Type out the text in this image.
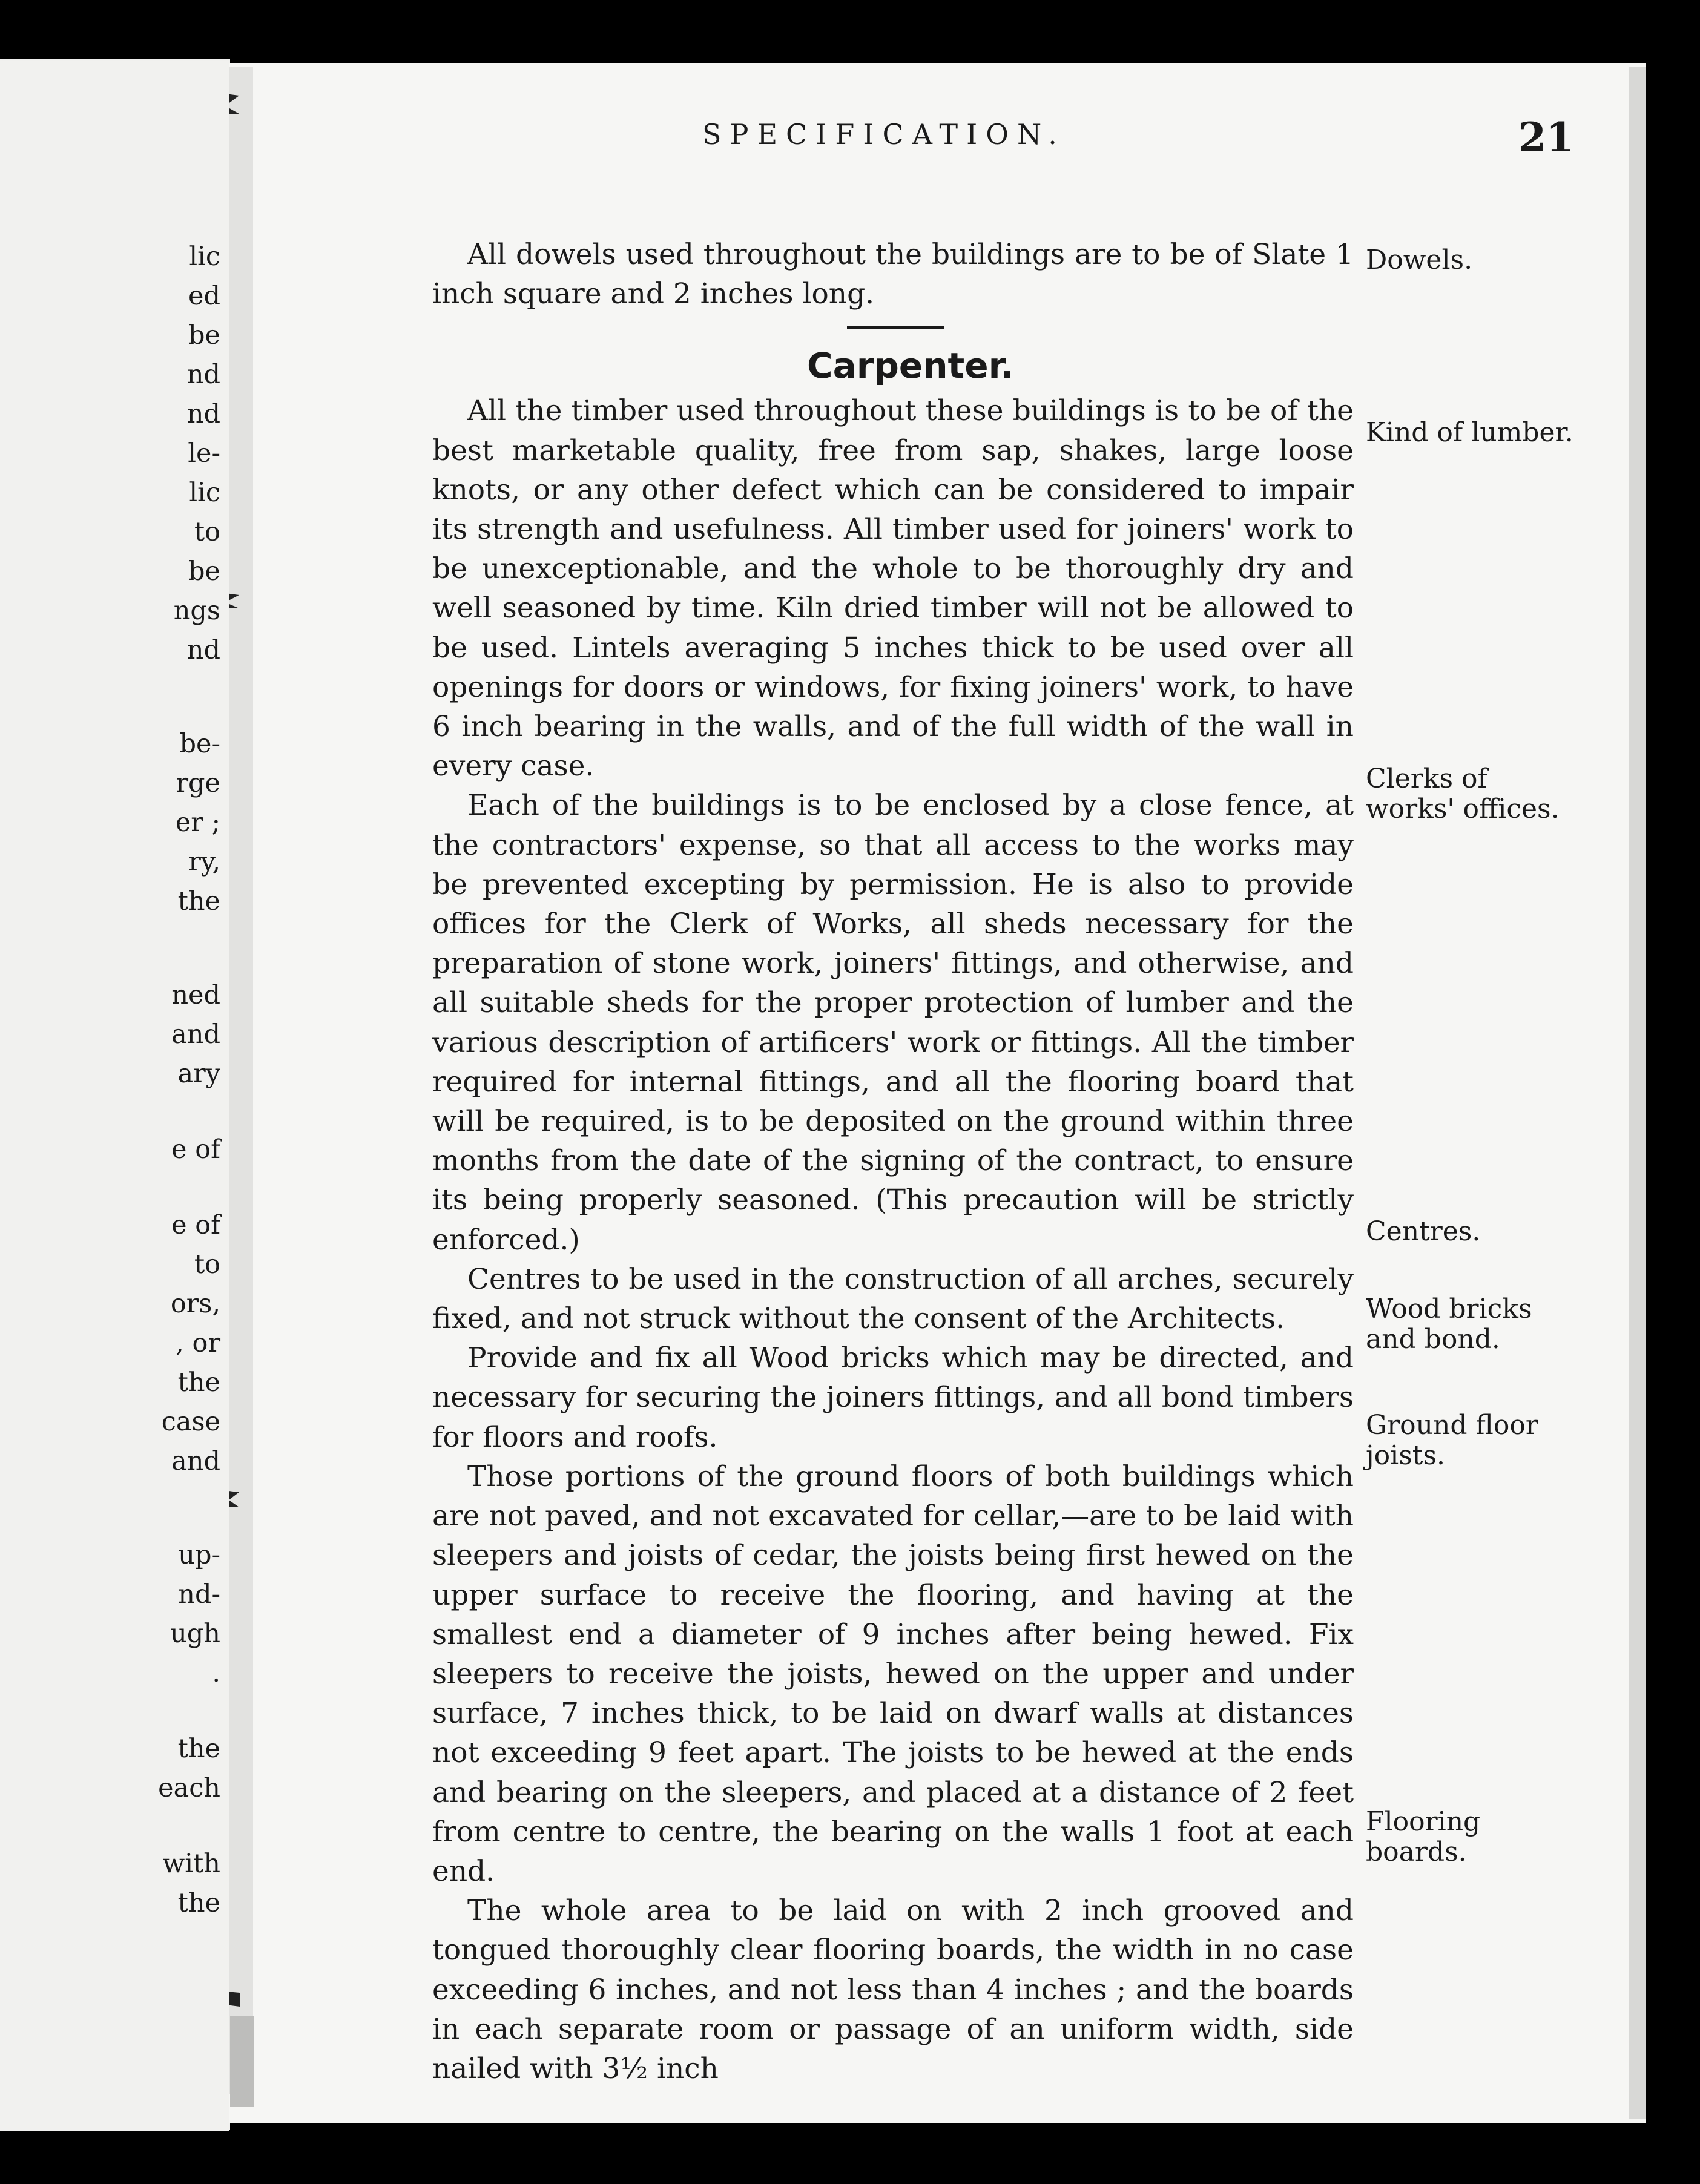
lic
ed
be
nd
nd
le-
lic
to
be
ngs
nd
be-
rge
er ;
ry,
the
ned
and
ary
e of
e of
to
ors,
, or
the
case
and
up-
nd-
ugh
.
the
each
with
the
SPECIFICATION.	21

All dowels used throughout the buildings are to be of Slate 1 inch square and 2 inches long.

Carpenter.

All the timber used throughout these buildings is to be of the best marketable quality, free from sap, shakes, large loose knots, or any other defect which can be considered to impair its strength and usefulness. All timber used for joiners' work to be unexceptionable, and the whole to be thoroughly dry and well seasoned by time. Kiln dried timber will not be allowed to be used. Lintels averaging 5 inches thick to be used over all openings for doors or windows, for fixing joiners' work, to have 6 inch bearing in the walls, and of the full width of the wall in every case.

Each of the buildings is to be enclosed by a close fence, at the contractors' expense, so that all access to the works may be prevented excepting by permission. He is also to provide offices for the Clerk of Works, all sheds necessary for the preparation of stone work, joiners' fittings, and otherwise, and all suitable sheds for the proper protection of lumber and the various description of artificers' work or fittings. All the timber required for internal fittings, and all the flooring board that will be required, is to be deposited on the ground within three months from the date of the signing of the contract, to ensure its being properly seasoned. (This precaution will be strictly enforced.)

Centres to be used in the construction of all arches, securely fixed, and not struck without the consent of the Architects.

Provide and fix all Wood bricks which may be directed, and necessary for securing the joiners fittings, and all bond timbers for floors and roofs.

Those portions of the ground floors of both buildings which are not paved, and not excavated for cellar,—are to be laid with sleepers and joists of cedar, the joists being first hewed on the upper surface to receive the flooring, and having at the smallest end a diameter of 9 inches after being hewed. Fix sleepers to receive the joists, hewed on the upper and under surface, 7 inches thick, to be laid on dwarf walls at distances not exceeding 9 feet apart. The joists to be hewed at the ends and bearing on the sleepers, and placed at a distance of 2 feet from centre to centre, the bearing on the walls 1 foot at each end.

The whole area to be laid on with 2 inch grooved and tongued thoroughly clear flooring boards, the width in no case exceeding 6 inches, and not less than 4 inches ; and the boards in each separate room or passage of an uniform width, side nailed with 3½ inch

Dowels.
Kind of lumber.
Clerks of works' offices.
Centres.
Wood bricks and bond.
Ground floor joists.
Flooring boards.
